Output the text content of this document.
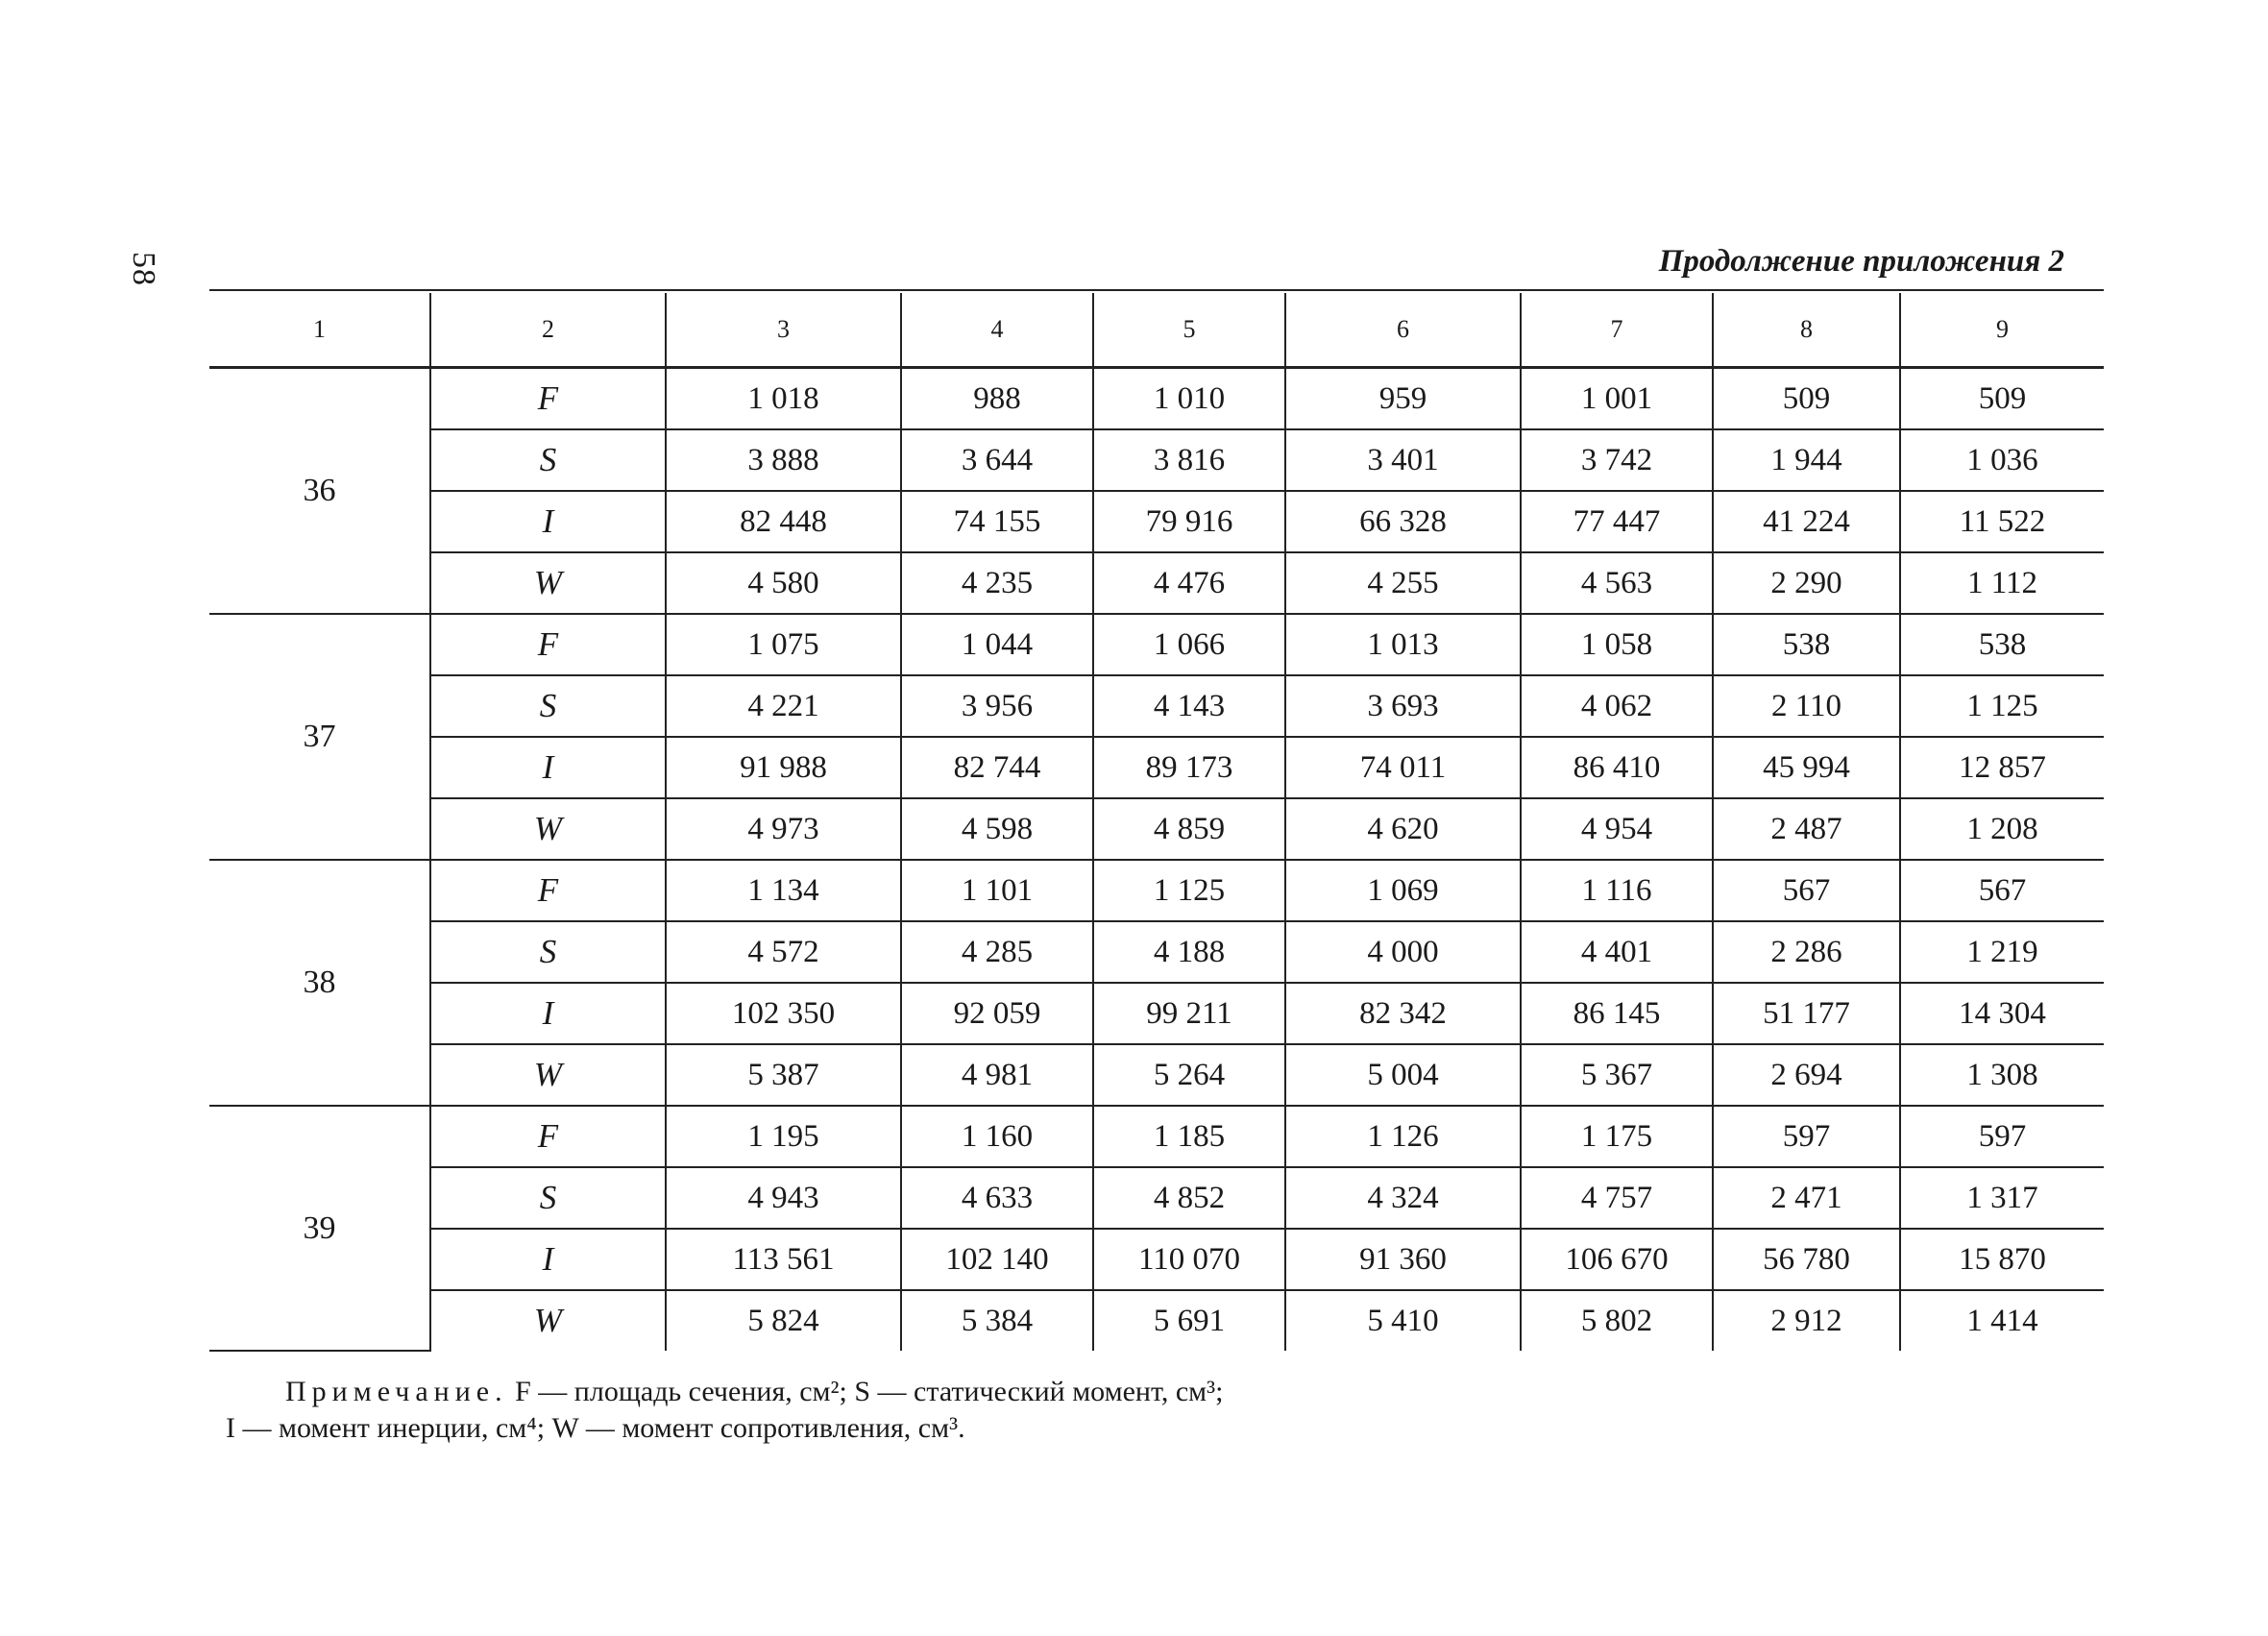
58	Продолжение приложения 2
1	2	3	4	5	6	7	8	9
36	F	1 018	988	1 010	959	1 001	509	509
	S	3 888	3 644	3 816	3 401	3 742	1 944	1 036
	I	82 448	74 155	79 916	66 328	77 447	41 224	11 522
	W	4 580	4 235	4 476	4 255	4 563	2 290	1 112
37	F	1 075	1 044	1 066	1 013	1 058	538	538
	S	4 221	3 956	4 143	3 693	4 062	2 110	1 125
	I	91 988	82 744	89 173	74 011	86 410	45 994	12 857
	W	4 973	4 598	4 859	4 620	4 954	2 487	1 208
38	F	1 134	1 101	1 125	1 069	1 116	567	567
	S	4 572	4 285	4 188	4 000	4 401	2 286	1 219
	I	102 350	92 059	99 211	82 342	86 145	51 177	14 304
	W	5 387	4 981	5 264	5 004	5 367	2 694	1 308
39	F	1 195	1 160	1 185	1 126	1 175	597	597
	S	4 943	4 633	4 852	4 324	4 757	2 471	1 317
	I	113 561	102 140	110 070	91 360	106 670	56 780	15 870
	W	5 824	5 384	5 691	5 410	5 802	2 912	1 414
Примечание. F — площадь сечения, см²; S — статический момент, см³;
I — момент инерции, см⁴; W — момент сопротивления, см³.
